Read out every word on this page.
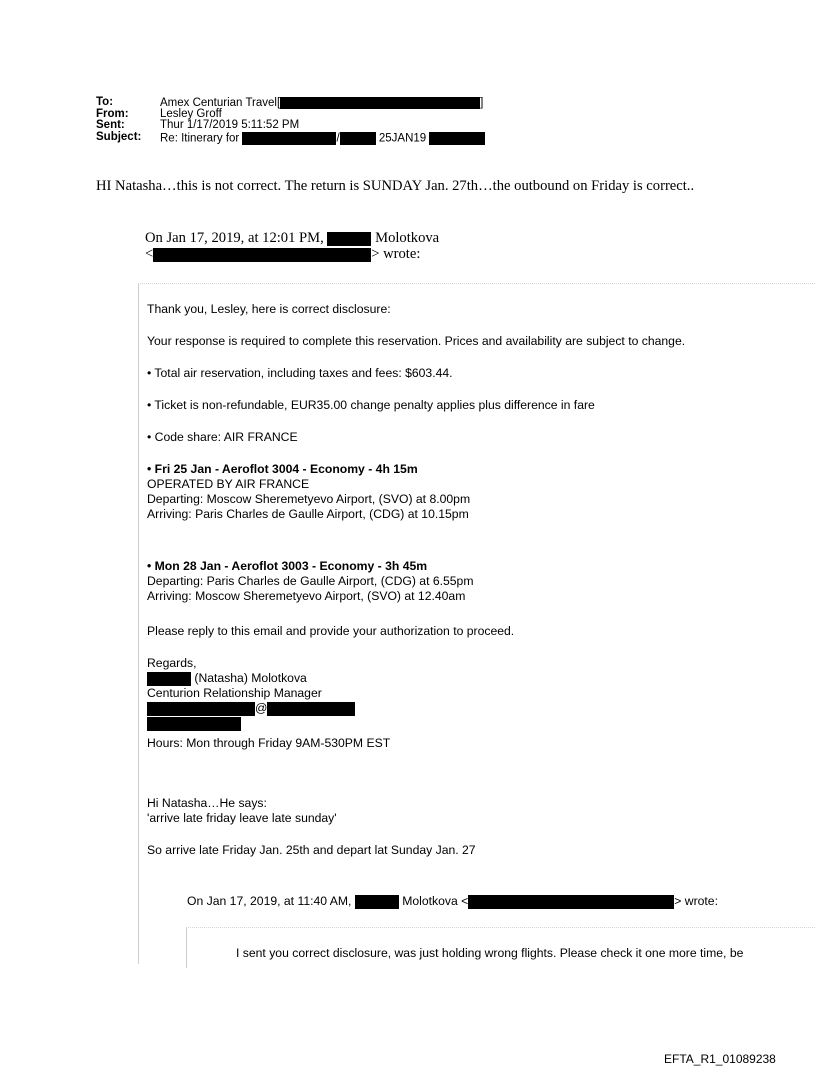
To:	Amex Centurian Travel[	]
From:	Lesley Groff
Sent:	Thur 1/17/2019 5:11:52 PM
Subject: Re: Itinerary for	/	25JAN19
HI Natasha…this is not correct. The return is SUNDAY Jan. 27th…the outbound on Friday is correct..
On Jan 17, 2019, at 12:01 PM,	Molotkova
<	> wrote:
Thank you, Lesley, here is correct disclosure:
Your response is required to complete this reservation. Prices and availability are subject to change.
• Total air reservation, including taxes and fees: $603.44.
• Ticket is non-refundable, EUR35.00 change penalty applies plus difference in fare
• Code share: AIR FRANCE
• Fri 25 Jan - Aeroflot 3004 - Economy - 4h 15m
OPERATED BY AIR FRANCE
Departing: Moscow Sheremetyevo Airport, (SVO) at 8.00pm
Arriving: Paris Charles de Gaulle Airport, (CDG) at 10.15pm
• Mon 28 Jan - Aeroflot 3003 - Economy - 3h 45m
Departing: Paris Charles de Gaulle Airport, (CDG) at 6.55pm
Arriving: Moscow Sheremetyevo Airport, (SVO) at 12.40am
Please reply to this email and provide your authorization to proceed.
Regards,
(Natasha) Molotkova
Centurion Relationship Manager
@
Hours: Mon through Friday 9AM-530PM EST
Hi Natasha…He says:
'arrive late friday leave late sunday'
So arrive late Friday Jan. 25th and depart lat Sunday Jan. 27
On Jan 17, 2019, at 11:40 AM,	Molotkova <	> wrote:
I sent you correct disclosure, was just holding wrong flights. Please check it one more time, be
EFTA_R1_01089238
